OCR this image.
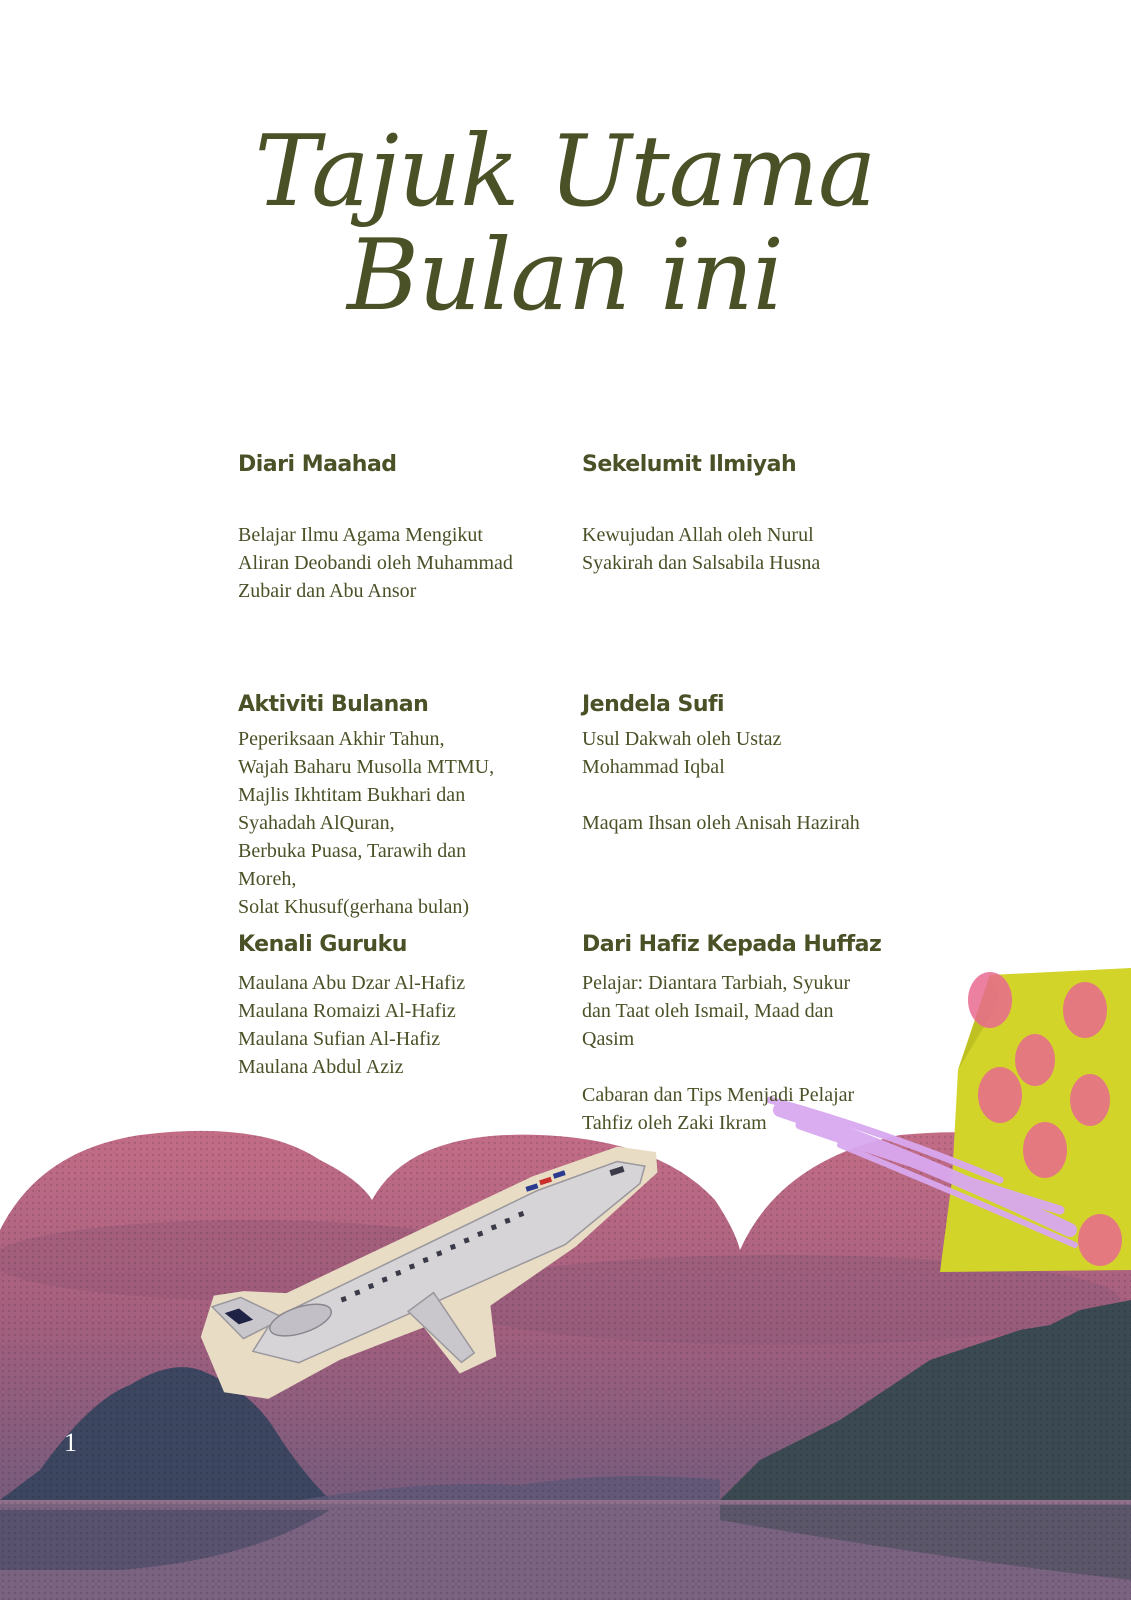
Tajuk Utama
Bulan ini
Diari Maahad
Belajar Ilmu Agama Mengikut
Aliran Deobandi oleh Muhammad
Zubair dan Abu Ansor
Sekelumit Ilmiyah
Kewujudan Allah oleh Nurul
Syakirah dan Salsabila Husna
Aktiviti Bulanan
Peperiksaan Akhir Tahun,
Wajah Baharu Musolla MTMU,
Majlis Ikhtitam Bukhari dan
Syahadah AlQuran,
Berbuka Puasa, Tarawih dan
Moreh,
Solat Khusuf(gerhana bulan)
Jendela Sufi
Usul Dakwah oleh Ustaz
Mohammad Iqbal

Maqam Ihsan oleh Anisah Hazirah
Kenali Guruku
Maulana Abu Dzar Al-Hafiz
Maulana Romaizi Al-Hafiz
Maulana Sufian Al-Hafiz
Maulana Abdul Aziz
Dari Hafiz Kepada Huffaz
Pelajar: Diantara Tarbiah, Syukur
dan Taat oleh Ismail, Maad dan
Qasim

Cabaran dan Tips Menjadi Pelajar
Tahfiz oleh Zaki Ikram
1
